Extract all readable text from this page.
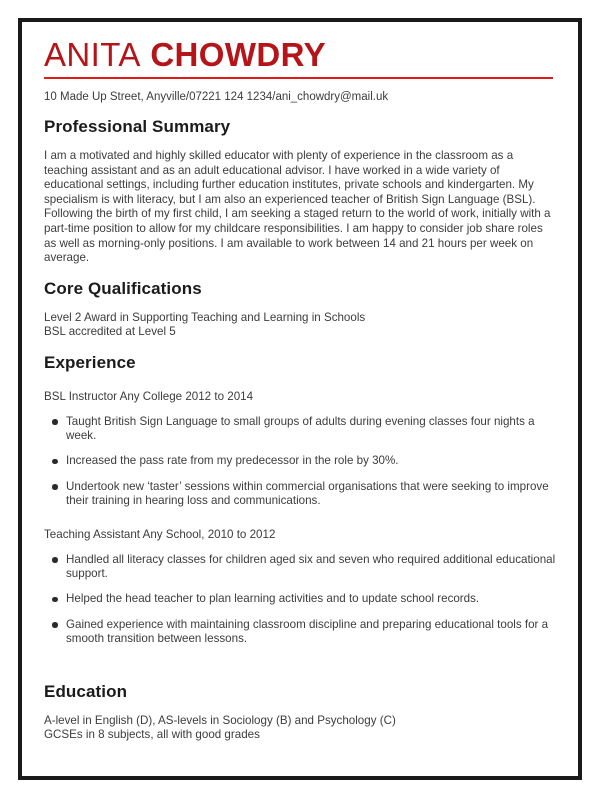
ANITA CHOWDRY
10 Made Up Street, Anyville/07221 124 1234/ani_chowdry@mail.uk
Professional Summary
I am a motivated and highly skilled educator with plenty of experience in the classroom as a teaching assistant and as an adult educational advisor. I have worked in a wide variety of educational settings, including further education institutes, private schools and kindergarten. My specialism is with literacy, but I am also an experienced teacher of British Sign Language (BSL). Following the birth of my first child, I am seeking a staged return to the world of work, initially with a part-time position to allow for my childcare responsibilities. I am happy to consider job share roles as well as morning-only positions. I am available to work between 14 and 21 hours per week on average.
Core Qualifications
Level 2 Award in Supporting Teaching and Learning in Schools
BSL accredited at Level 5
Experience
BSL Instructor Any College 2012 to 2014
Taught British Sign Language to small groups of adults during evening classes four nights a week.
Increased the pass rate from my predecessor in the role by 30%.
Undertook new ‘taster’ sessions within commercial organisations that were seeking to improve their training in hearing loss and communications.
Teaching Assistant Any School, 2010 to 2012
Handled all literacy classes for children aged six and seven who required additional educational support.
Helped the head teacher to plan learning activities and to update school records.
Gained experience with maintaining classroom discipline and preparing educational tools for a smooth transition between lessons.
Education
A-level in English (D), AS-levels in Sociology (B) and Psychology (C)
GCSEs in 8 subjects, all with good grades
